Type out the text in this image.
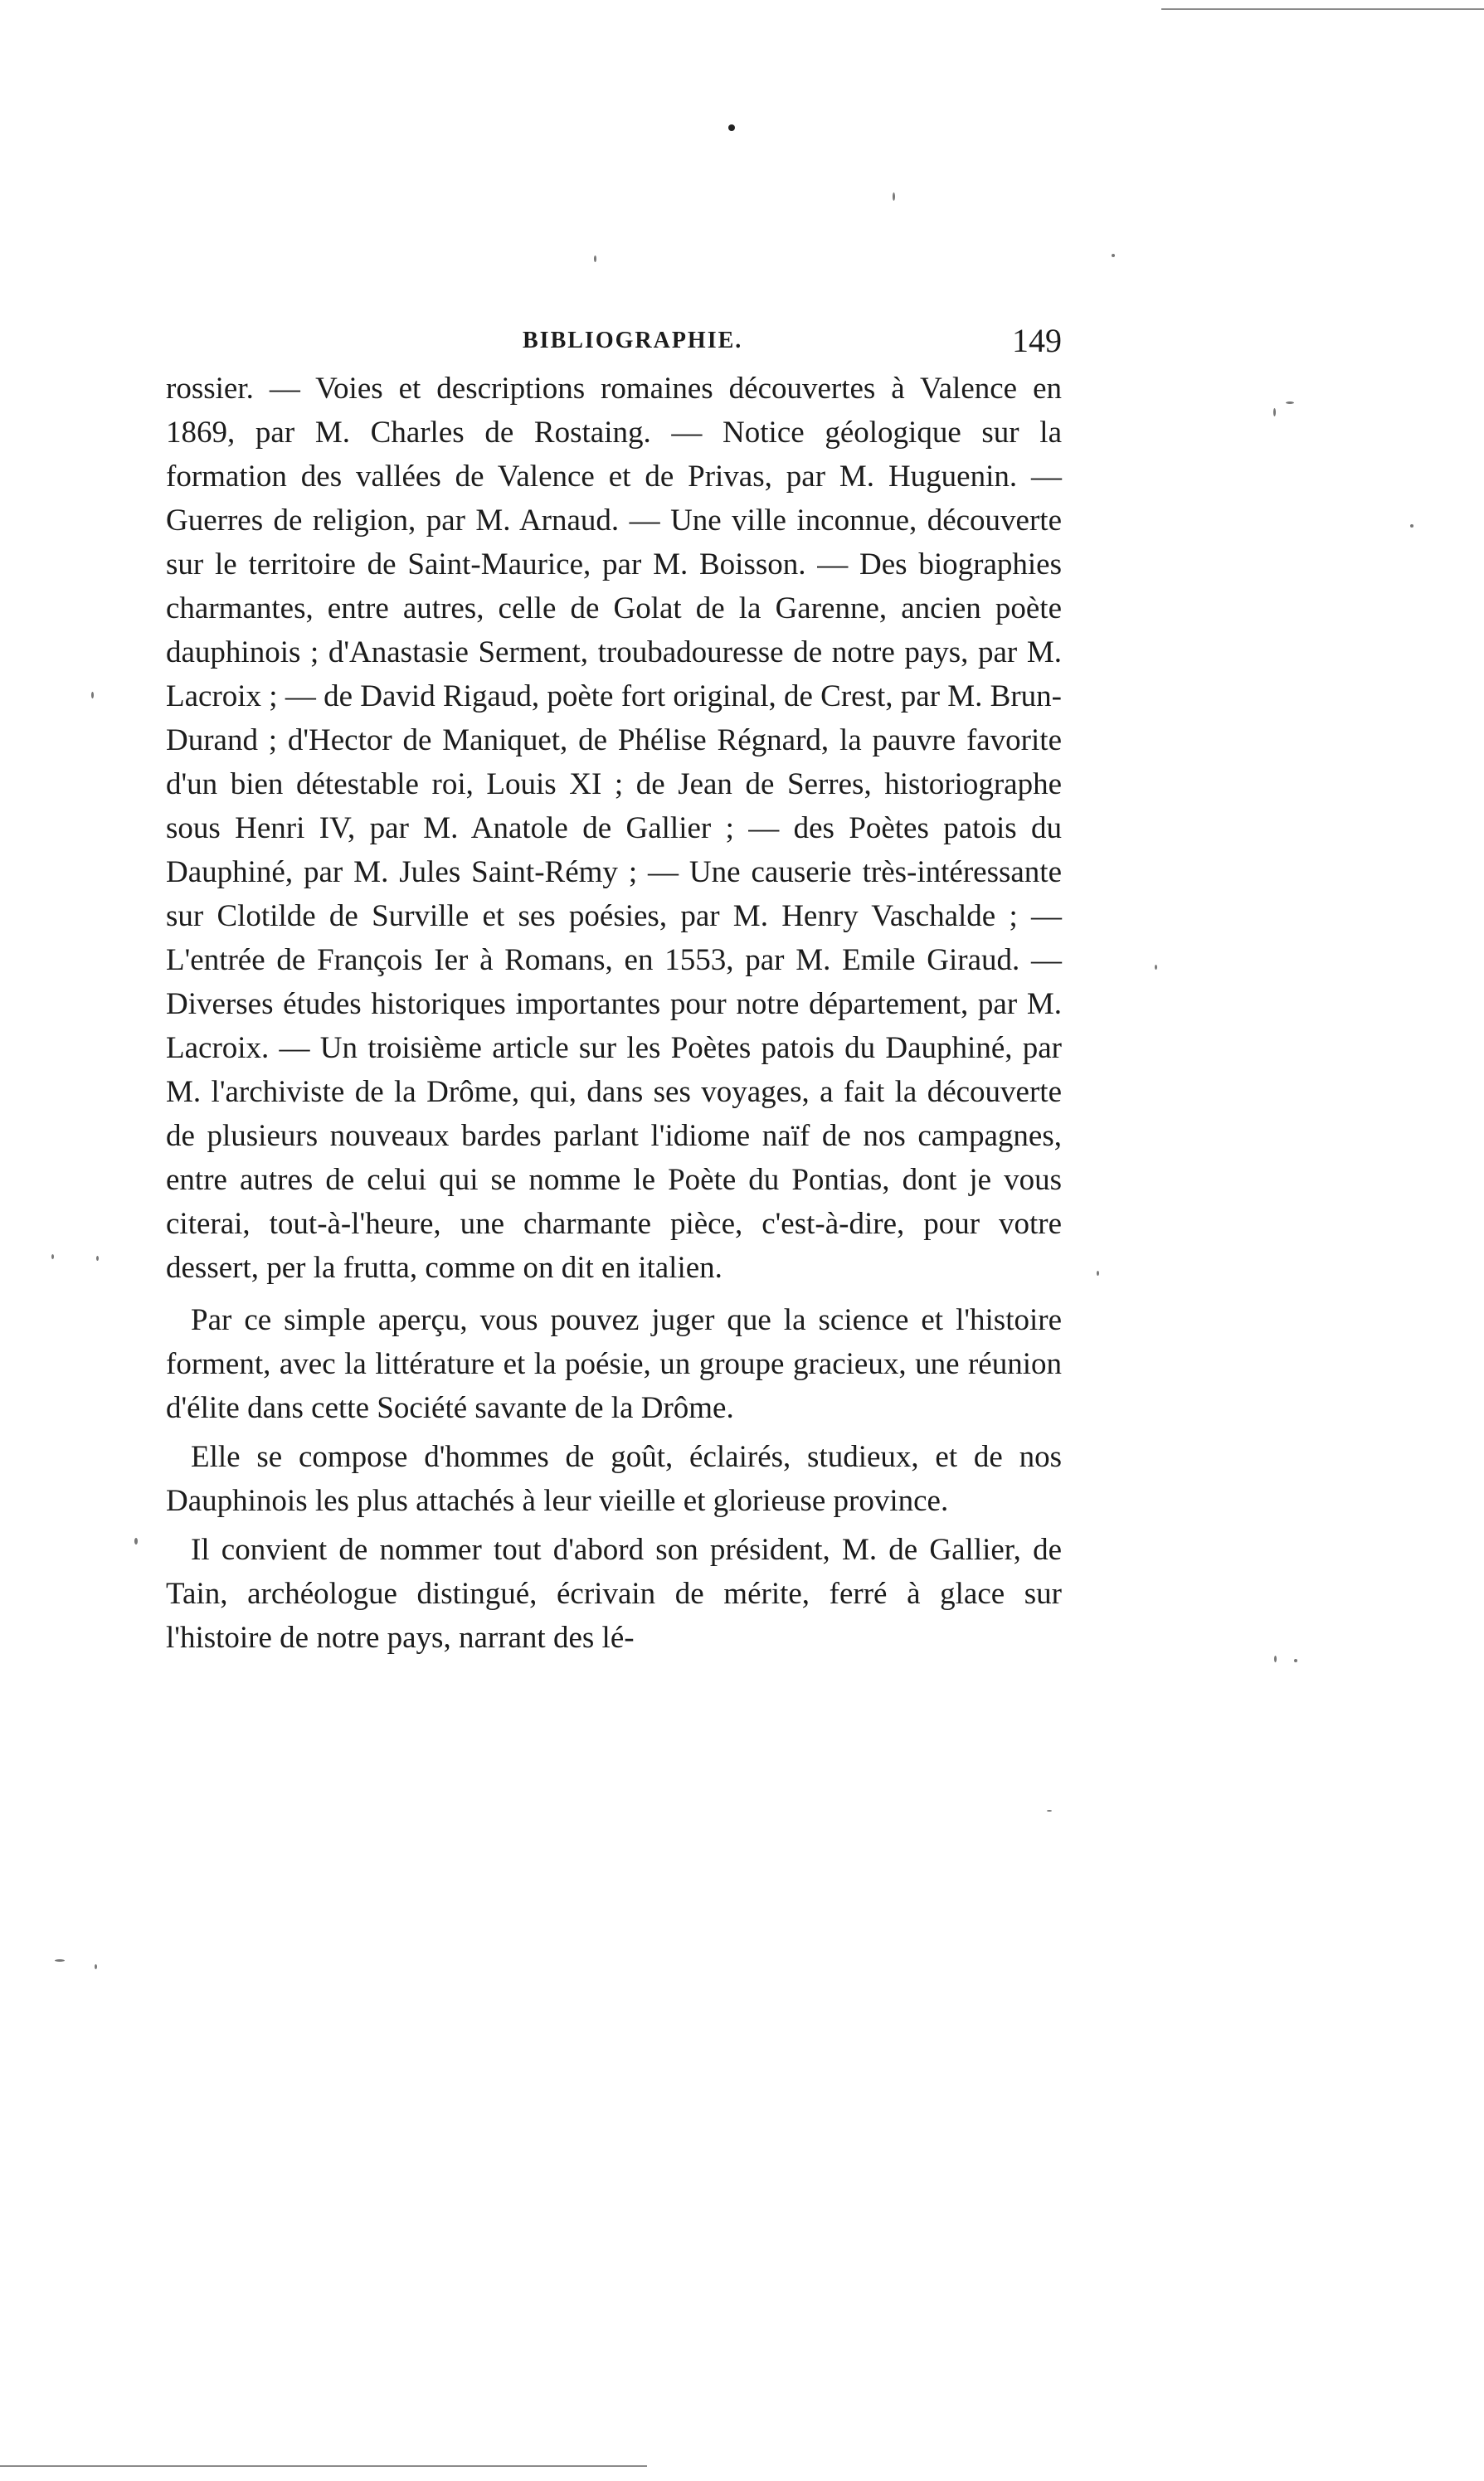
BIBLIOGRAPHIE.	149

rossier. — Voies et descriptions romaines découvertes à Valence en 1869, par M. Charles de Rostaing. — Notice géologique sur la formation des vallées de Valence et de Privas, par M. Huguenin. — Guerres de religion, par M. Arnaud. — Une ville inconnue, découverte sur le territoire de Saint-Maurice, par M. Boisson. — Des biographies charmantes, entre autres, celle de Golat de la Garenne, ancien poète dauphinois ; d'Anastasie Serment, troubadouresse de notre pays, par M. Lacroix ; — de David Rigaud, poète fort original, de Crest, par M. Brun-Durand ; d'Hector de Maniquet, de Phélise Régnard, la pauvre favorite d'un bien détestable roi, Louis XI ; de Jean de Serres, historiographe sous Henri IV, par M. Anatole de Gallier ; — des Poètes patois du Dauphiné, par M. Jules Saint-Rémy ; — Une causerie très-intéressante sur Clotilde de Surville et ses poésies, par M. Henry Vaschalde ; — L'entrée de François Ier à Romans, en 1553, par M. Emile Giraud. — Diverses études historiques importantes pour notre département, par M. Lacroix. — Un troisième article sur les Poètes patois du Dauphiné, par M. l'archiviste de la Drôme, qui, dans ses voyages, a fait la découverte de plusieurs nouveaux bardes parlant l'idiome naïf de nos campagnes, entre autres de celui qui se nomme le Poète du Pontias, dont je vous citerai, tout-à-l'heure, une charmante pièce, c'est-à-dire, pour votre dessert, per la frutta, comme on dit en italien.

Par ce simple aperçu, vous pouvez juger que la science et l'histoire forment, avec la littérature et la poésie, un groupe gracieux, une réunion d'élite dans cette Société savante de la Drôme.

Elle se compose d'hommes de goût, éclairés, studieux, et de nos Dauphinois les plus attachés à leur vieille et glorieuse province.

Il convient de nommer tout d'abord son président, M. de Gallier, de Tain, archéologue distingué, écrivain de mérite, ferré à glace sur l'histoire de notre pays, narrant des lé-
